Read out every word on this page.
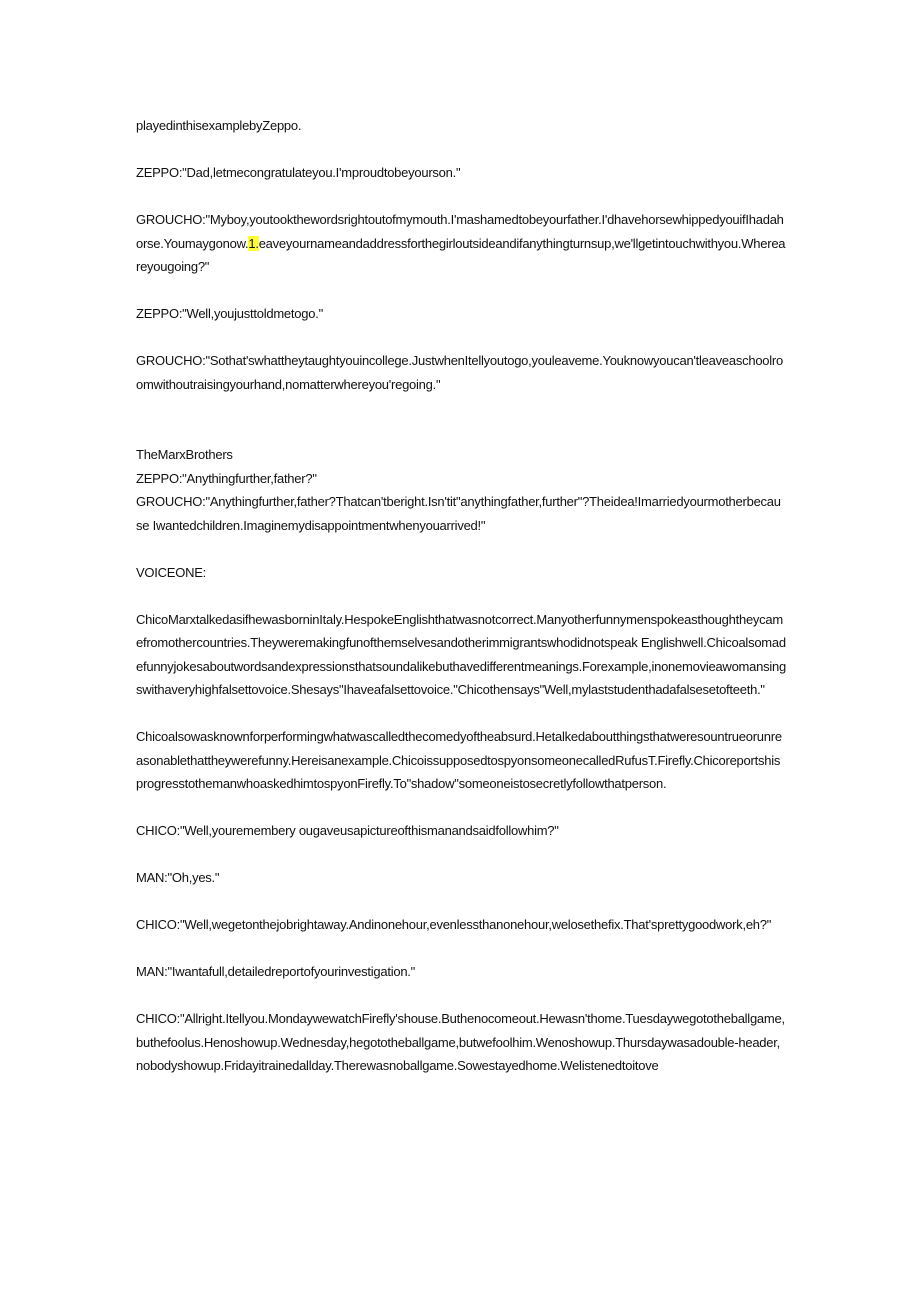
playedinthisexamplebyZeppo.

ZEPPO:"Dad,letmecongratulateyou.I'mproudtobeyourson."

GROUCHO:"Myboy,youtookthewordsrightoutofmymouth.I'mashamedtobeyourfather.I'dhavehorsewhippedyouifIhadahorse.Youmaygonow.1.eaveyournameandaddressforthegirloutsideandifanythingturnsup,we'llgetintouchwithyou.Whereareyougoing?"

ZEPPO:"Well,youjusttoldmetogo."

GROUCHO:"Sothat'swhattheytaughtyouincollege.JustwhenItellyoutogo,youleaveme.Youknowyoucan'tleaveaschoolroomwithoutraisingyourhand,nomatterwhereyou'regoing."

TheMarxBrothers

ZEPPO:"Anythingfurther,father?"

GROUCHO:"Anythingfurther,father?Thatcan'tberight.Isn'tit"anythingfather,further"?Theidea!Imarriedyourmotherbecause Iwantedchildren.Imaginemydisappointmentwhenyouarrived!"

VOICEONE:

ChicoMarxtalkedasifhewasborninItaly.HespokeEnglishthatwasnotcorrect.Manyotherfunnymenspokeasthoughtheycamefromothercountries.Theyweremakingfunofthemselvesandotherimmigrantswhodidnotspeak Englishwell.Chicoalsomadefunnyjokesaboutwordsandexpressionsthatsoundalikebuthavedifferentmeanings.Forexample,inonemovieawomansingswithaveryhighfalsettovoice.Shesays"Ihaveafalsettovoice."Chicothensays"Well,mylaststudenthadafalsesetofteeth."

Chicoalsowasknownforperformingwhatwascalledthecomedyoftheabsurd.Hetalkedaboutthingsthatweresountrueorunreasonablethattheywerefunny.Hereisanexample.ChicoissupposedtospyonsomeonecalledRufusT.Firefly.ChicoreportshisprogresstothemanwhoaskedhimtospyonFirefly.To"shadow"someoneistosecretlyfollowthatperson.

CHICO:"Well,youremembery ougaveusapictureofthismanandsaidfollowhim?"

MAN:"Oh,yes."

CHICO:"Well,wegetonthejobrightaway.Andinonehour,evenlessthanonehour,welosethefix.That'sprettygoodwork,eh?"

MAN:"Iwantafull,detailedreportofyourinvestigation."

CHICO:"Allright.Itellyou.MondaywewatchFirefly'shouse.Buthenocomeout.Hewasn'thome.Tuesdaywegototheballgame,buthefoolus.Henoshowup.Wednesday,hegototheballgame,butwefoolhim.Wenoshowup.Thursdaywasadouble-header,nobodyshowup.Fridayitrainedallday.Therewasnoballgame.Sowestayedhome.Welistenedtoitove
